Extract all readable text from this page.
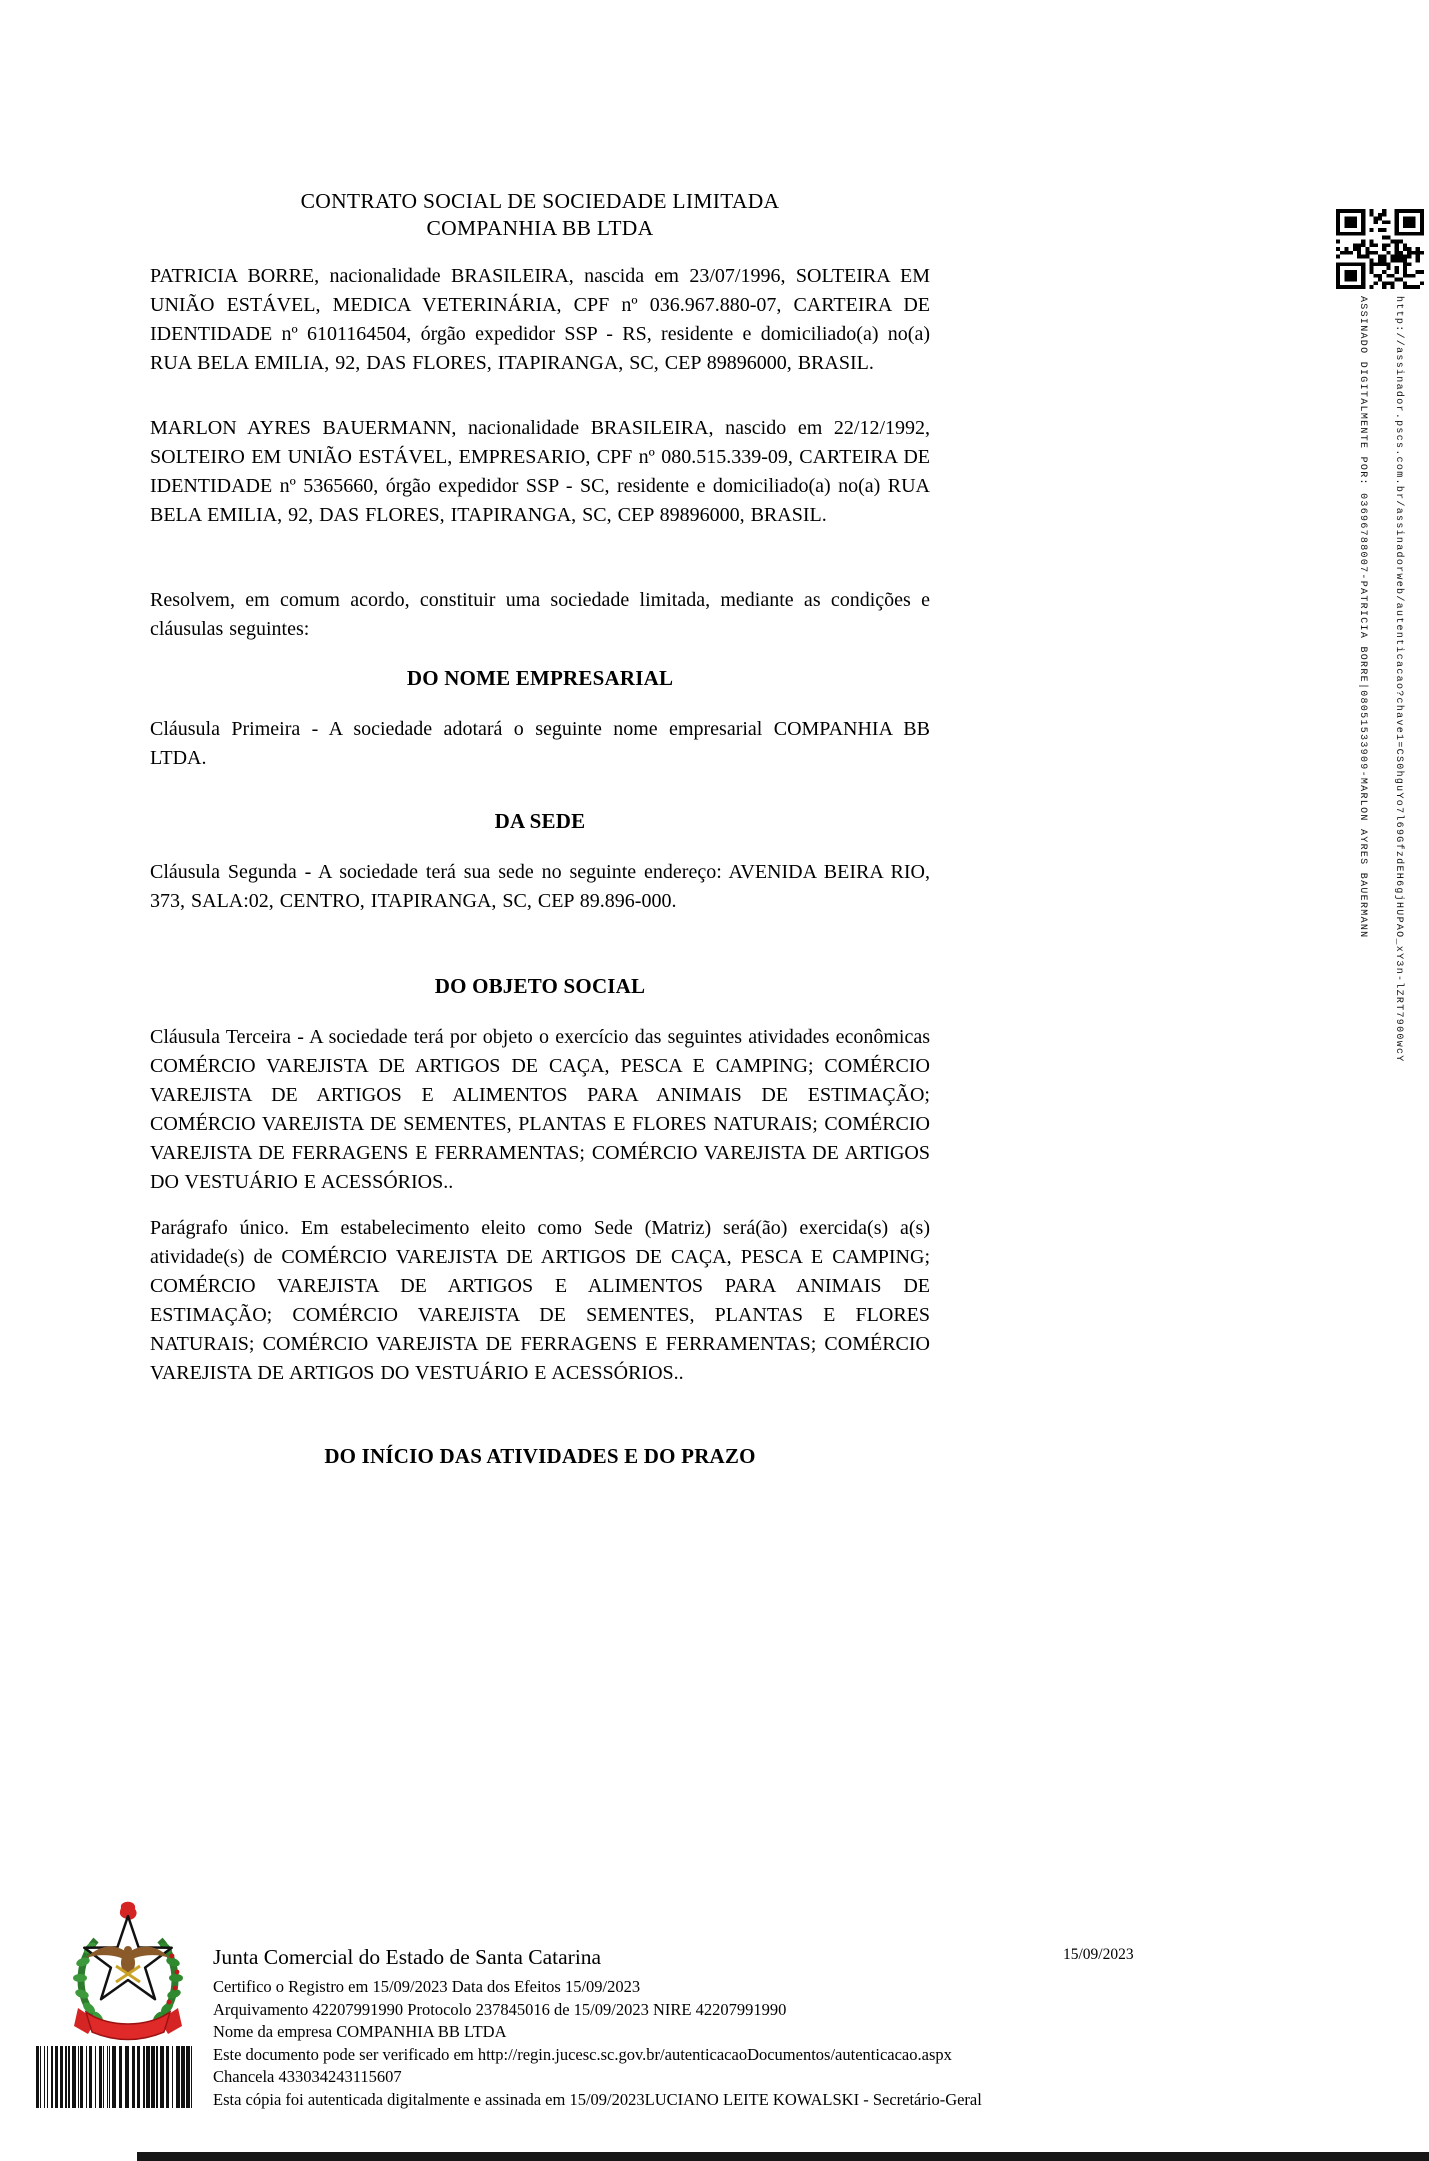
CONTRATO SOCIAL DE SOCIEDADE LIMITADA
COMPANHIA BB LTDA

PATRICIA BORRE, nacionalidade BRASILEIRA, nascida em 23/07/1996, SOLTEIRA EM UNIÃO ESTÁVEL, MEDICA VETERINÁRIA, CPF nº 036.967.880-07, CARTEIRA DE IDENTIDADE nº 6101164504, órgão expedidor SSP - RS, residente e domiciliado(a) no(a) RUA BELA EMILIA, 92, DAS FLORES, ITAPIRANGA, SC, CEP 89896000, BRASIL.

MARLON AYRES BAUERMANN, nacionalidade BRASILEIRA, nascido em 22/12/1992, SOLTEIRO EM UNIÃO ESTÁVEL, EMPRESARIO, CPF nº 080.515.339-09, CARTEIRA DE IDENTIDADE nº 5365660, órgão expedidor SSP - SC, residente e domiciliado(a) no(a) RUA BELA EMILIA, 92, DAS FLORES, ITAPIRANGA, SC, CEP 89896000, BRASIL.

Resolvem, em comum acordo, constituir uma sociedade limitada, mediante as condições e cláusulas seguintes:

DO NOME EMPRESARIAL

Cláusula Primeira - A sociedade adotará o seguinte nome empresarial COMPANHIA BB LTDA.

DA SEDE

Cláusula Segunda - A sociedade terá sua sede no seguinte endereço: AVENIDA BEIRA RIO, 373, SALA:02, CENTRO, ITAPIRANGA, SC, CEP 89.896-000.

DO OBJETO SOCIAL

Cláusula Terceira - A sociedade terá por objeto o exercício das seguintes atividades econômicas COMÉRCIO VAREJISTA DE ARTIGOS DE CAÇA, PESCA E CAMPING; COMÉRCIO VAREJISTA DE ARTIGOS E ALIMENTOS PARA ANIMAIS DE ESTIMAÇÃO; COMÉRCIO VAREJISTA DE SEMENTES, PLANTAS E FLORES NATURAIS; COMÉRCIO VAREJISTA DE FERRAGENS E FERRAMENTAS; COMÉRCIO VAREJISTA DE ARTIGOS DO VESTUÁRIO E ACESSÓRIOS..

Parágrafo único. Em estabelecimento eleito como Sede (Matriz) será(ão) exercida(s) a(s) atividade(s) de COMÉRCIO VAREJISTA DE ARTIGOS DE CAÇA, PESCA E CAMPING; COMÉRCIO VAREJISTA DE ARTIGOS E ALIMENTOS PARA ANIMAIS DE ESTIMAÇÃO; COMÉRCIO VAREJISTA DE SEMENTES, PLANTAS E FLORES NATURAIS; COMÉRCIO VAREJISTA DE FERRAGENS E FERRAMENTAS; COMÉRCIO VAREJISTA DE ARTIGOS DO VESTUÁRIO E ACESSÓRIOS..

DO INÍCIO DAS ATIVIDADES E DO PRAZO
http://assinador.pscs.com.br/assinadorweb/autenticacao?chave1=CS0hguYo7l69GfzdEH6gjHUPAO_xY3n-lZRT7900wcY
ASSINADO DIGITALMENTE POR: 03696788007-PATRICIA BORRE|08051533909-MARLON AYRES BAUERMANN
Junta Comercial do Estado de Santa Catarina
Certifico o Registro em 15/09/2023 Data dos Efeitos 15/09/2023
Arquivamento 42207991990 Protocolo 237845016 de 15/09/2023 NIRE 42207991990
Nome da empresa COMPANHIA BB LTDA
Este documento pode ser verificado em http://regin.jucesc.sc.gov.br/autenticacaoDocumentos/autenticacao.aspx
Chancela 433034243115607
Esta cópia foi autenticada digitalmente e assinada em 15/09/2023LUCIANO LEITE KOWALSKI - Secretário-Geral
15/09/2023
